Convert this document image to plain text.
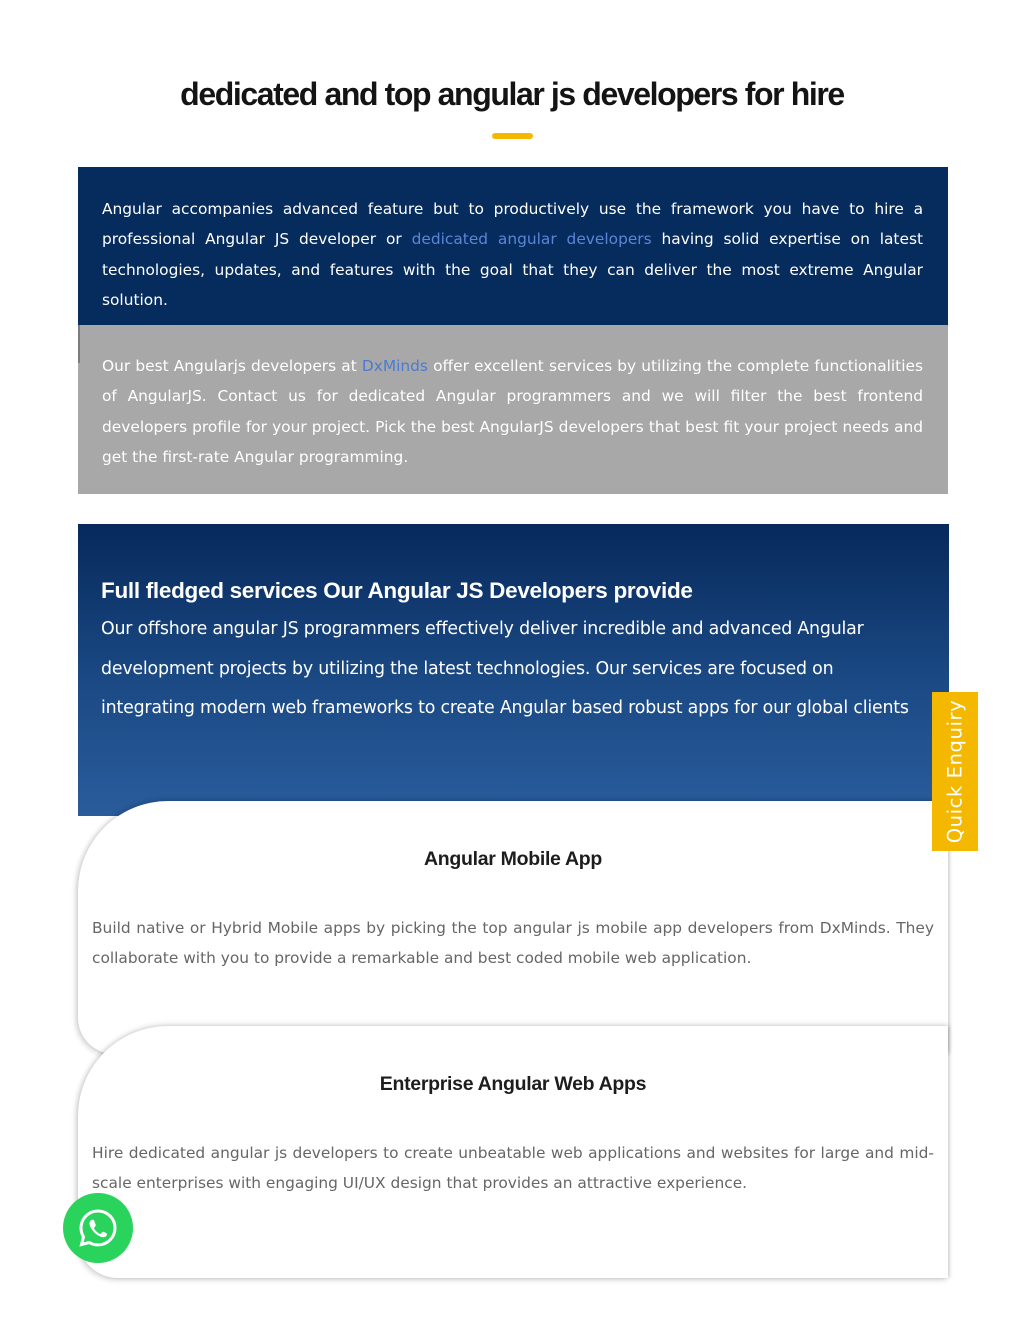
dedicated and top angular js developers for hire

Angular accompanies advanced feature but to productively use the framework you have to hire a professional Angular JS developer or dedicated angular developers having solid expertise on latest technologies, updates, and features with the goal that they can deliver the most extreme Angular solution.

Our best Angularjs developers at DxMinds offer excellent services by utilizing the complete functionalities of AngularJS. Contact us for dedicated Angular programmers and we will filter the best frontend developers profile for your project. Pick the best AngularJS developers that best fit your project needs and get the first-rate Angular programming.

Full fledged services Our Angular JS Developers provide

Our offshore angular JS programmers effectively deliver incredible and advanced Angular development projects by utilizing the latest technologies. Our services are focused on integrating modern web frameworks to create Angular based robust apps for our global clients

Angular Mobile App

Build native or Hybrid Mobile apps by picking the top angular js mobile app developers from DxMinds. They collaborate with you to provide a remarkable and best coded mobile web application.

Enterprise Angular Web Apps

Hire dedicated angular js developers to create unbeatable web applications and websites for large and mid-scale enterprises with engaging UI/UX design that provides an attractive experience.

Quick Enquiry
